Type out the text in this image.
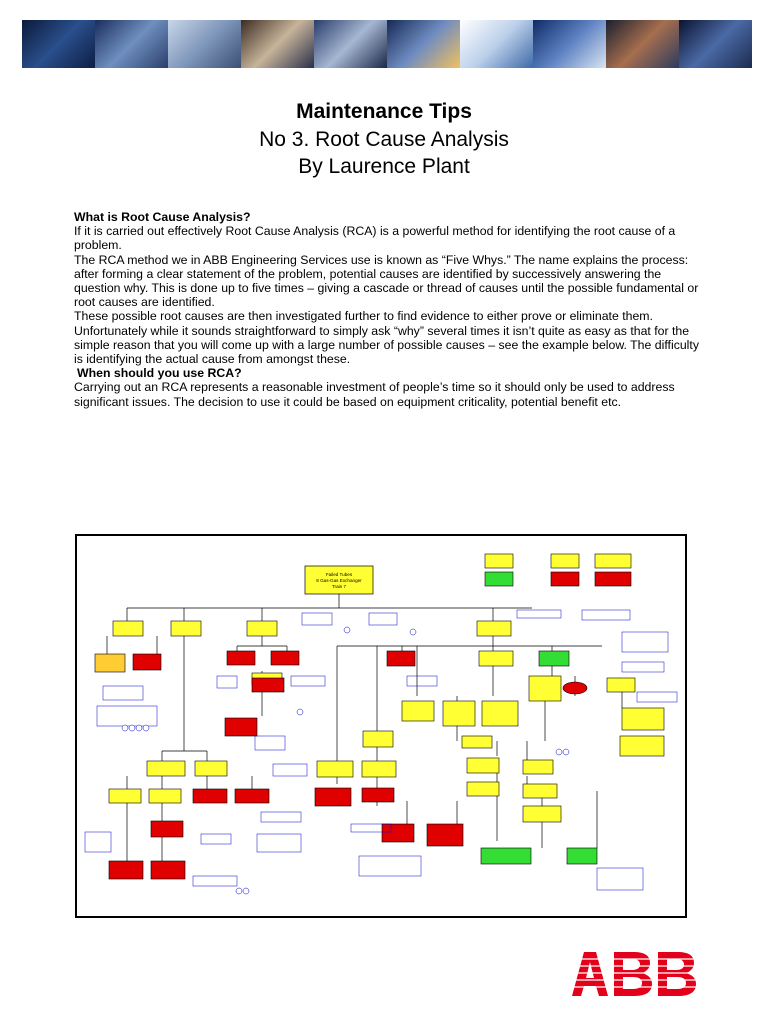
Maintenance Tips
No 3. Root Cause Analysis
By Laurence Plant
What is Root Cause Analysis?

If it is carried out effectively Root Cause Analysis (RCA) is a powerful method for identifying the root cause of a problem.

The RCA method we in ABB Engineering Services use is known as “Five Whys.” The name explains the process: after forming a clear statement of the problem, potential causes are identified by successively answering the question why. This is done up to five times – giving a cascade or thread of causes until the possible fundamental or root causes are identified.

These possible root causes are then investigated further to find evidence to either prove or eliminate them.

Unfortunately while it sounds straightforward to simply ask “why” several times it isn’t quite as easy as that for the simple reason that you will come up with a large number of possible causes – see the example below. The difficulty is identifying the actual cause from amongst these.

When should you use RCA?

Carrying out an RCA represents a reasonable investment of people’s time so it should only be used to address significant issues. The decision to use it could be based on equipment criticality, potential benefit etc.

Failed Tubes
8 Gas-Gas Exchanger
Train 7
